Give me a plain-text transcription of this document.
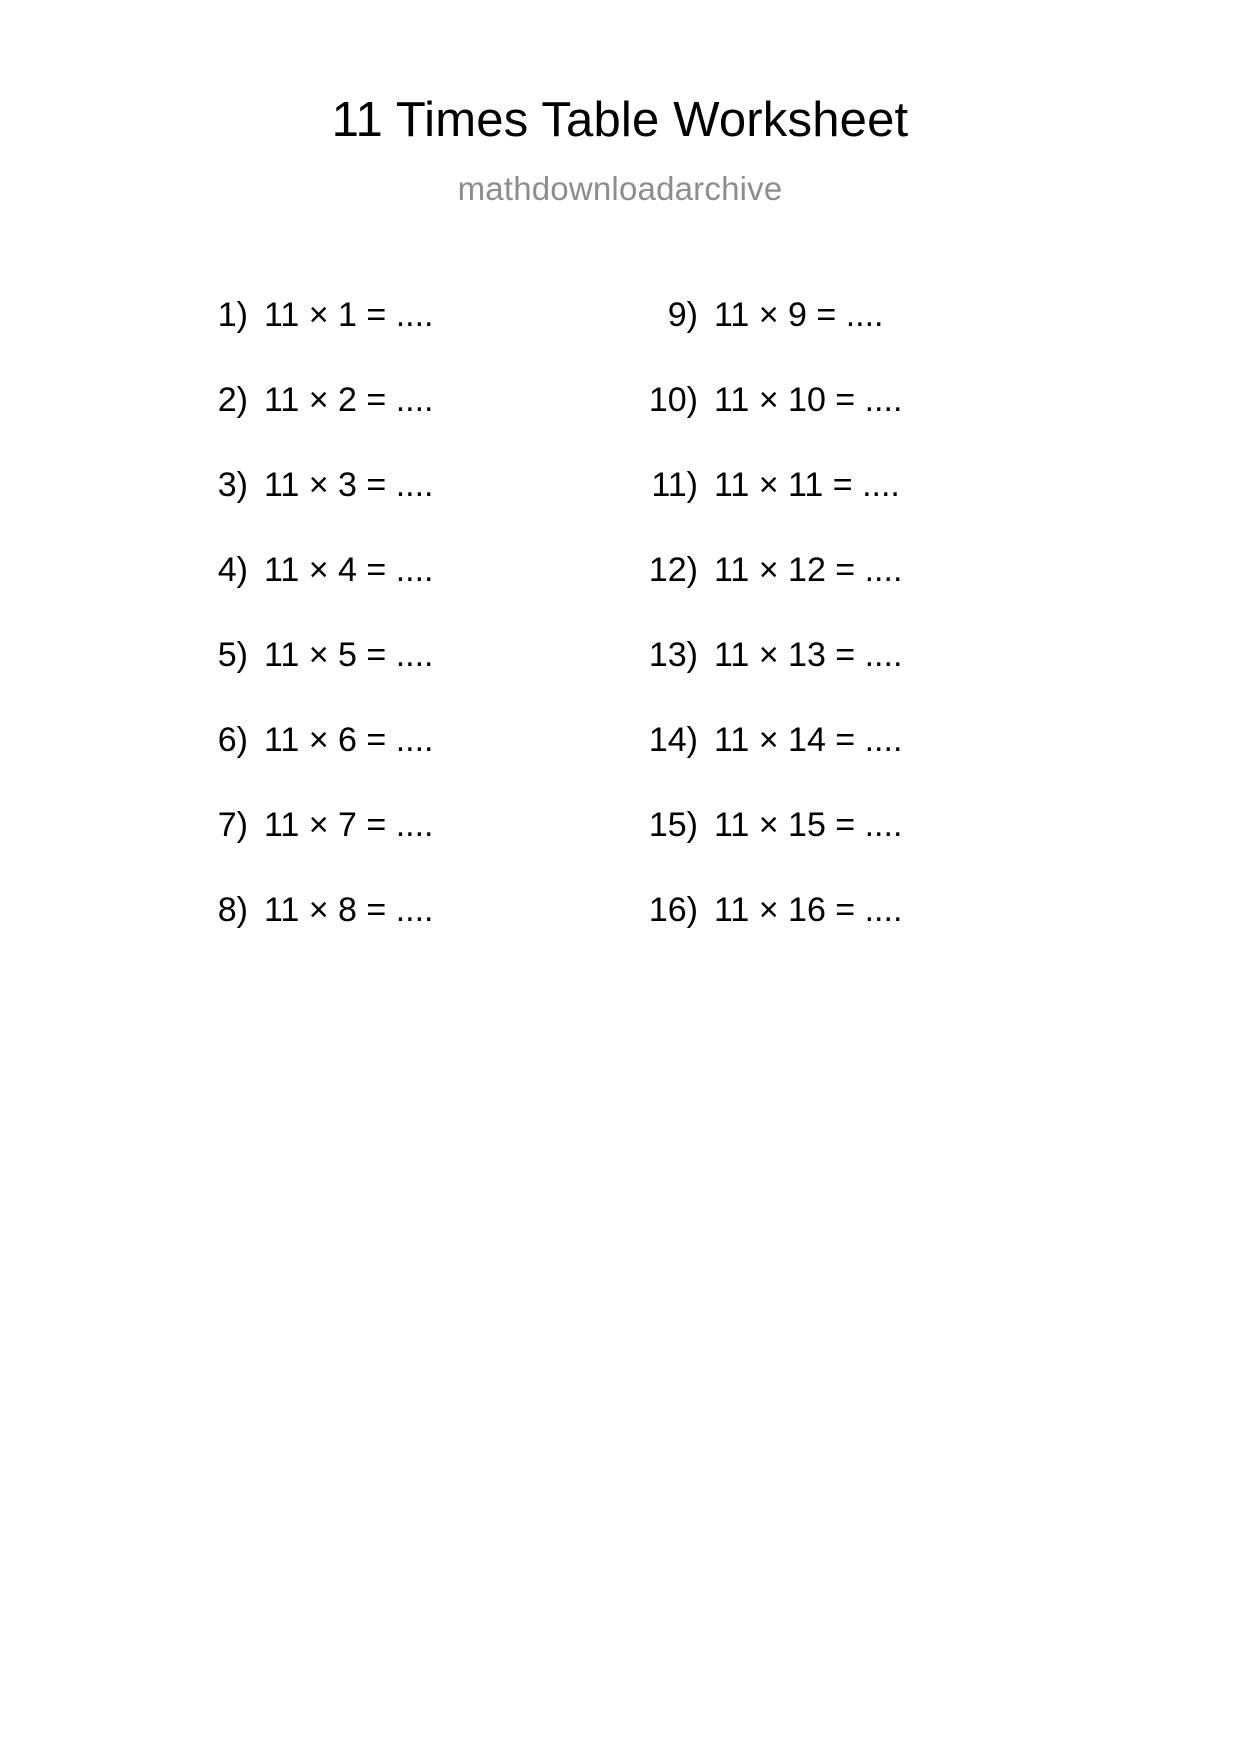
11 Times Table Worksheet
mathdownloadarchive
1) 11 × 1 = ....
2) 11 × 2 = ....
3) 11 × 3 = ....
4) 11 × 4 = ....
5) 11 × 5 = ....
6) 11 × 6 = ....
7) 11 × 7 = ....
8) 11 × 8 = ....
9) 11 × 9 = ....
10) 11 × 10 = ....
11) 11 × 11 = ....
12) 11 × 12 = ....
13) 11 × 13 = ....
14) 11 × 14 = ....
15) 11 × 15 = ....
16) 11 × 16 = ....
